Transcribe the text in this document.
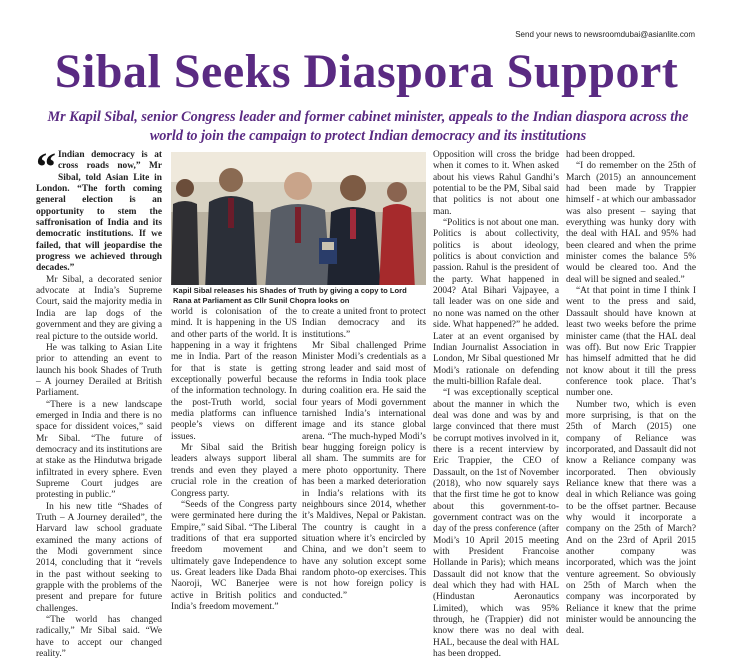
Send your news to newsroomdubai@asianlite.com
Sibal Seeks Diaspora Support

Mr Kapil Sibal, senior Congress leader and former cabinet minister, appeals to the Indian diaspora across the world to join the campaign to protect Indian democracy and its institutions

“ Indian democracy is at cross roads now,” Mr Sibal, told Asian Lite in London. “The forth coming general election is an opportunity to stem the saffronisation of India and its democratic institutions. If we failed, that will jeopardise the progress we achieved through decades.”

Mr Sibal, a decorated senior advocate at India’s Supreme Court, said the majority media in India are lap dogs of the government and they are giving a real picture to the outside world.

He was talking to Asian Lite prior to attending an event to launch his book Shades of Truth – A journey Derailed at British Parliament.

“There is a new landscape emerged in India and there is no space for dissident voices,” said Mr Sibal. “The future of democracy and its institutions are at stake as the Hindutwa brigade infiltrated in every sphere. Even Supreme Court judges are protesting in public.”

In his new title “Shades of Truth – A Journey derailed”, the Harvard law school graduate examined the many actions of the Modi government since 2014, concluding that it “revels in the past without seeking to grapple with the problems of the present and prepare for future challenges.

“The world has changed radically,” Mr Sibal said. “We have to accept our changed reality.”

Kapil Sibal releases his Shades of Truth by giving a copy to Lord Rana at Parliament as Cllr Sunil Chopra looks on

world is colonisation of the mind. It is happening in the US and other parts of the world. It is happening in a way it frightens me in India. Part of the reason for that is state is getting exceptionally powerful because of the information technology. In the post-Truth world, social media platforms can influence people’s views on different issues.

Mr Sibal said the British leaders always support liberal trends and even they played a crucial role in the creation of Congress party.

“Seeds of the Congress party were germinated here during the Empire,” said Sibal. “The Liberal traditions of that era supported freedom movement and ultimately gave Independence to us. Great leaders like Dada Bhai Naoroji, WC Banerjee were active in British politics and India’s freedom movement.”

to create a united front to protect Indian democracy and its institutions.”

Mr Sibal challenged Prime Minister Modi’s credentials as a strong leader and said most of the reforms in India took place during coalition era. He said the four years of Modi government tarnished India’s international image and its stance global arena. “The much-hyped Modi’s bear hugging foreign policy is all sham. The summits are for mere photo opportunity. There has been a marked deterioration in India’s relations with its neighbours since 2014, whether it’s Maldives, Nepal or Pakistan. The country is caught in a situation where it’s encircled by China, and we don’t seem to have any solution except some random photo-op exercises. This is not how foreign policy is conducted.”

Opposition will cross the bridge when it comes to it. When asked about his views Rahul Gandhi’s potential to be the PM, Sibal said that politics is not about one man.

“Politics is not about one man. Politics is about collectivity, politics is about ideology, politics is about conviction and passion. Rahul is the president of the party. What happened in 2004? Atal Bihari Vajpayee, a tall leader was on one side and no none was named on the other side. What happened?” he added. Later at an event organised by Indian Journalist Association in London, Mr Sibal questioned Mr Modi’s rationale on defending the multi-billion Rafale deal.

“I was exceptionally sceptical about the manner in which the deal was done and was by and large convinced that there must be corrupt motives involved in it, there is a recent interview by Eric Trappier, the CEO of Dassault, on the 1st of November (2018), who now squarely says that the first time he got to know about this government-to-government contract was on the day of the press conference (after Modi’s 10 April 2015 meeting with President Francoise Hollande in Paris); which means Dassault did not know that the deal which they had with HAL (Hindustan Aeronautics Limited), which was 95% through, he (Trappier) did not know there was no deal with HAL, because the deal with HAL has been dropped.

had been dropped.

“I do remember on the 25th of March (2015) an announcement had been made by Trappier himself - at which our ambassador was also present – saying that everything was hunky dory with the deal with HAL and 95% had been cleared and when the prime minister comes the balance 5% would be cleared too. And the deal will be signed and sealed.”

“At that point in time I think I went to the press and said, Dassault should have known at least two weeks before the prime minister came (that the HAL deal was off). But now Eric Trappier has himself admitted that he did not know about it till the press conference took place. That’s number one.

Number two, which is even more surprising, is that on the 25th of March (2015) one company of Reliance was incorporated, and Dassault did not know a Reliance company was incorporated. Then obviously Reliance knew that there was a deal in which Reliance was going to be the offset partner. Because why would it incorporate a company on the 25th of March? And on the 23rd of April 2015 another company was incorporated, which was the joint venture agreement. So obviously on 25th of March when the company was incorporated by Reliance it knew that the prime minister would be announcing the deal.
